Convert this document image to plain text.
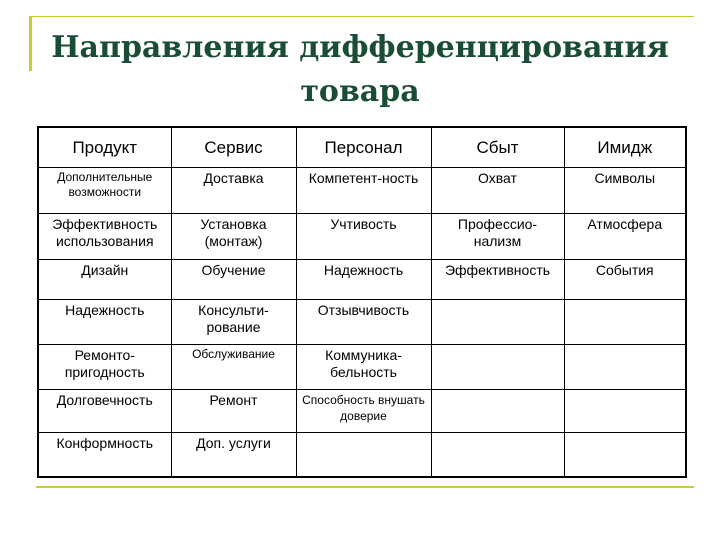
Направления дифференцирования
товара
Продукт	Сервис	Персонал	Сбыт	Имидж
Дополнительные возможности	Доставка	Компетент-ность	Охват	Символы
Эффективность использования	Установка (монтаж)	Учтивость	Профессио-нализм	Атмосфера
Дизайн	Обучение	Надежность	Эффективность	События
Надежность	Консульти-рование	Отзывчивость		
Ремонто-пригодность	Обслуживание	Коммуника-бельность		
Долговечность	Ремонт	Способность внушать доверие		
Конформность	Доп. услуги			
